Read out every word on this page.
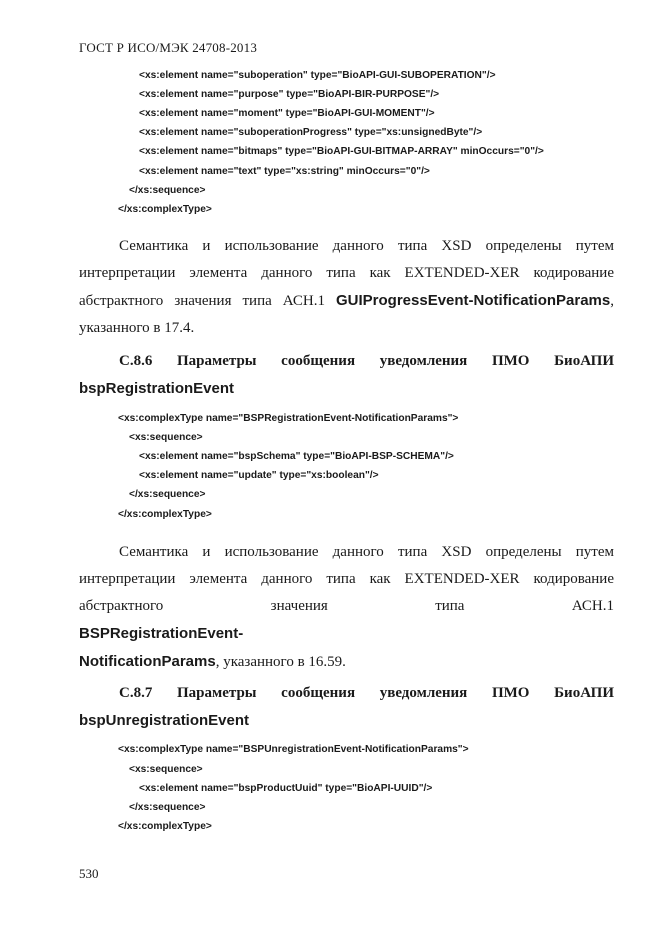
ГОСТ Р ИСО/МЭК 24708-2013
<xs:element name="suboperation" type="BioAPI-GUI-SUBOPERATION"/>
<xs:element name="purpose" type="BioAPI-BIR-PURPOSE"/>
<xs:element name="moment" type="BioAPI-GUI-MOMENT"/>
<xs:element name="suboperationProgress" type="xs:unsignedByte"/>
<xs:element name="bitmaps" type="BioAPI-GUI-BITMAP-ARRAY" minOccurs="0"/>
<xs:element name="text" type="xs:string" minOccurs="0"/>
</xs:sequence>
</xs:complexType>
Семантика и использование данного типа XSD определены путем
интерпретации элемента данного типа как EXTENDED-XER кодирование
абстрактного значения типа АСН.1 GUIProgressEvent-NotificationParams,
указанного в 17.4.
С.8.6 Параметры сообщения уведомления ПМО БиоАПИ
bspRegistrationEvent
<xs:complexType name="BSPRegistrationEvent-NotificationParams">
<xs:sequence>
<xs:element name="bspSchema" type="BioAPI-BSP-SCHEMA"/>
<xs:element name="update" type="xs:boolean"/>
</xs:sequence>
</xs:complexType>
Семантика и использование данного типа XSD определены путем
интерпретации элемента данного типа как EXTENDED-XER кодирование
абстрактного значения типа АСН.1 BSPRegistrationEvent-
NotificationParams, указанного в 16.59.
С.8.7 Параметры сообщения уведомления ПМО БиоАПИ
bspUnregistrationEvent
<xs:complexType name="BSPUnregistrationEvent-NotificationParams">
<xs:sequence>
<xs:element name="bspProductUuid" type="BioAPI-UUID"/>
</xs:sequence>
</xs:complexType>
530
